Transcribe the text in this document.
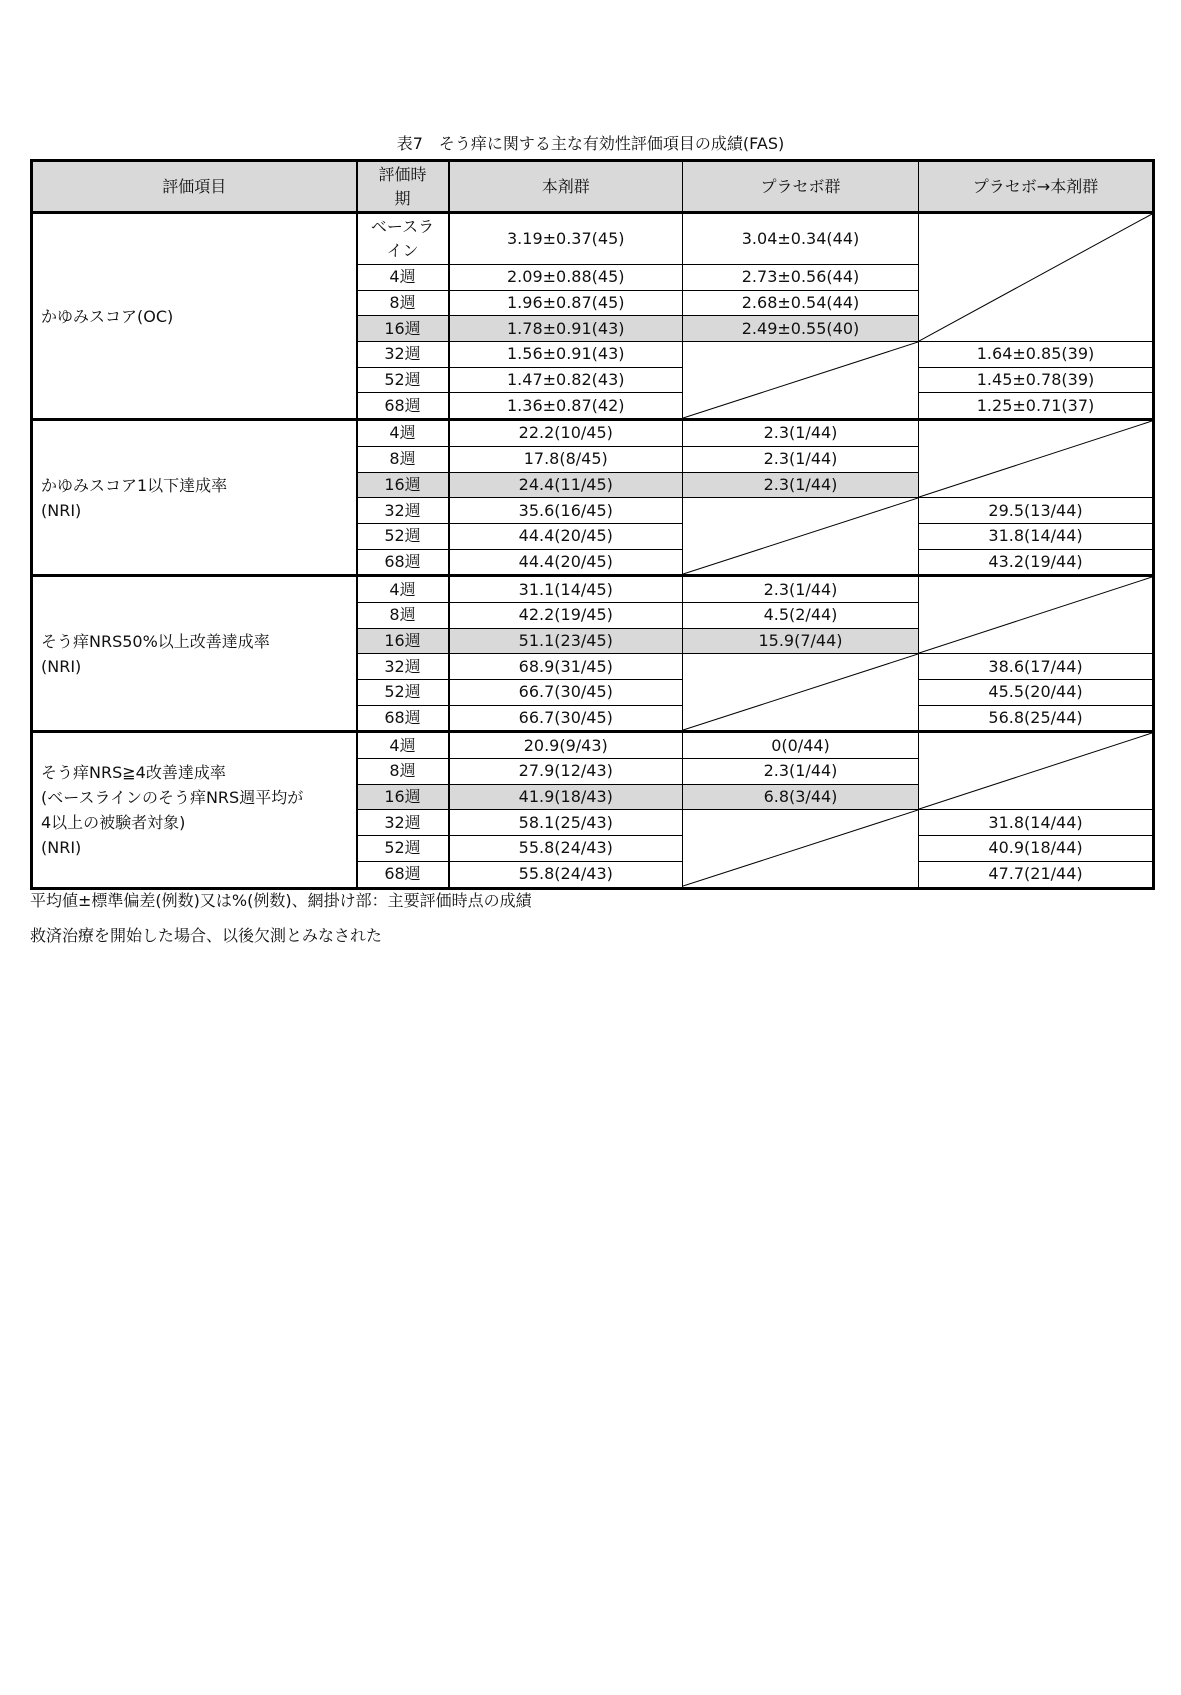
表7　そう痒に関する主な有効性評価項目の成績(FAS)
評価項目	評価時期	本剤群	プラセボ群	プラセボ→本剤群

かゆみスコア(OC)	ベースライン	3.19±0.37(45)	3.04±0.34(44)	

	4週	2.09±0.88(45)	2.73±0.56(44)	
	8週	1.96±0.87(45)	2.68±0.54(44)	
	16週	1.78±0.91(43)	2.49±0.55(40)	
	32週	1.56±0.91(43)		1.64±0.85(39)
	52週	1.47±0.82(43)		1.45±0.78(39)
	68週	1.36±0.87(42)		1.25±0.71(37)

かゆみスコア1以下達成率
(NRI)	4週	22.2(10/45)	2.3(1/44)	

	8週	17.8(8/45)	2.3(1/44)	
	16週	24.4(11/45)	2.3(1/44)	
	32週	35.6(16/45)		29.5(13/44)
	52週	44.4(20/45)		31.8(14/44)
	68週	44.4(20/45)		43.2(19/44)

そう痒NRS50%以上改善達成率
(NRI)	4週	31.1(14/45)	2.3(1/44)	

	8週	42.2(19/45)	4.5(2/44)	
	16週	51.1(23/45)	15.9(7/44)	
	32週	68.9(31/45)		38.6(17/44)
	52週	66.7(30/45)		45.5(20/44)
	68週	66.7(30/45)		56.8(25/44)

そう痒NRS≧4改善達成率
(ベースラインのそう痒NRS週平均が
4以上の被験者対象)
(NRI)	4週	20.9(9/43)	0(0/44)	

	8週	27.9(12/43)	2.3(1/44)	
	16週	41.9(18/43)	6.8(3/44)	
	32週	58.1(25/43)		31.8(14/44)
	52週	55.8(24/43)		40.9(18/44)
	68週	55.8(24/43)		47.7(21/44)
平均値±標準偏差(例数)又は%(例数)、網掛け部：主要評価時点の成績
救済治療を開始した場合、以後欠測とみなされた
